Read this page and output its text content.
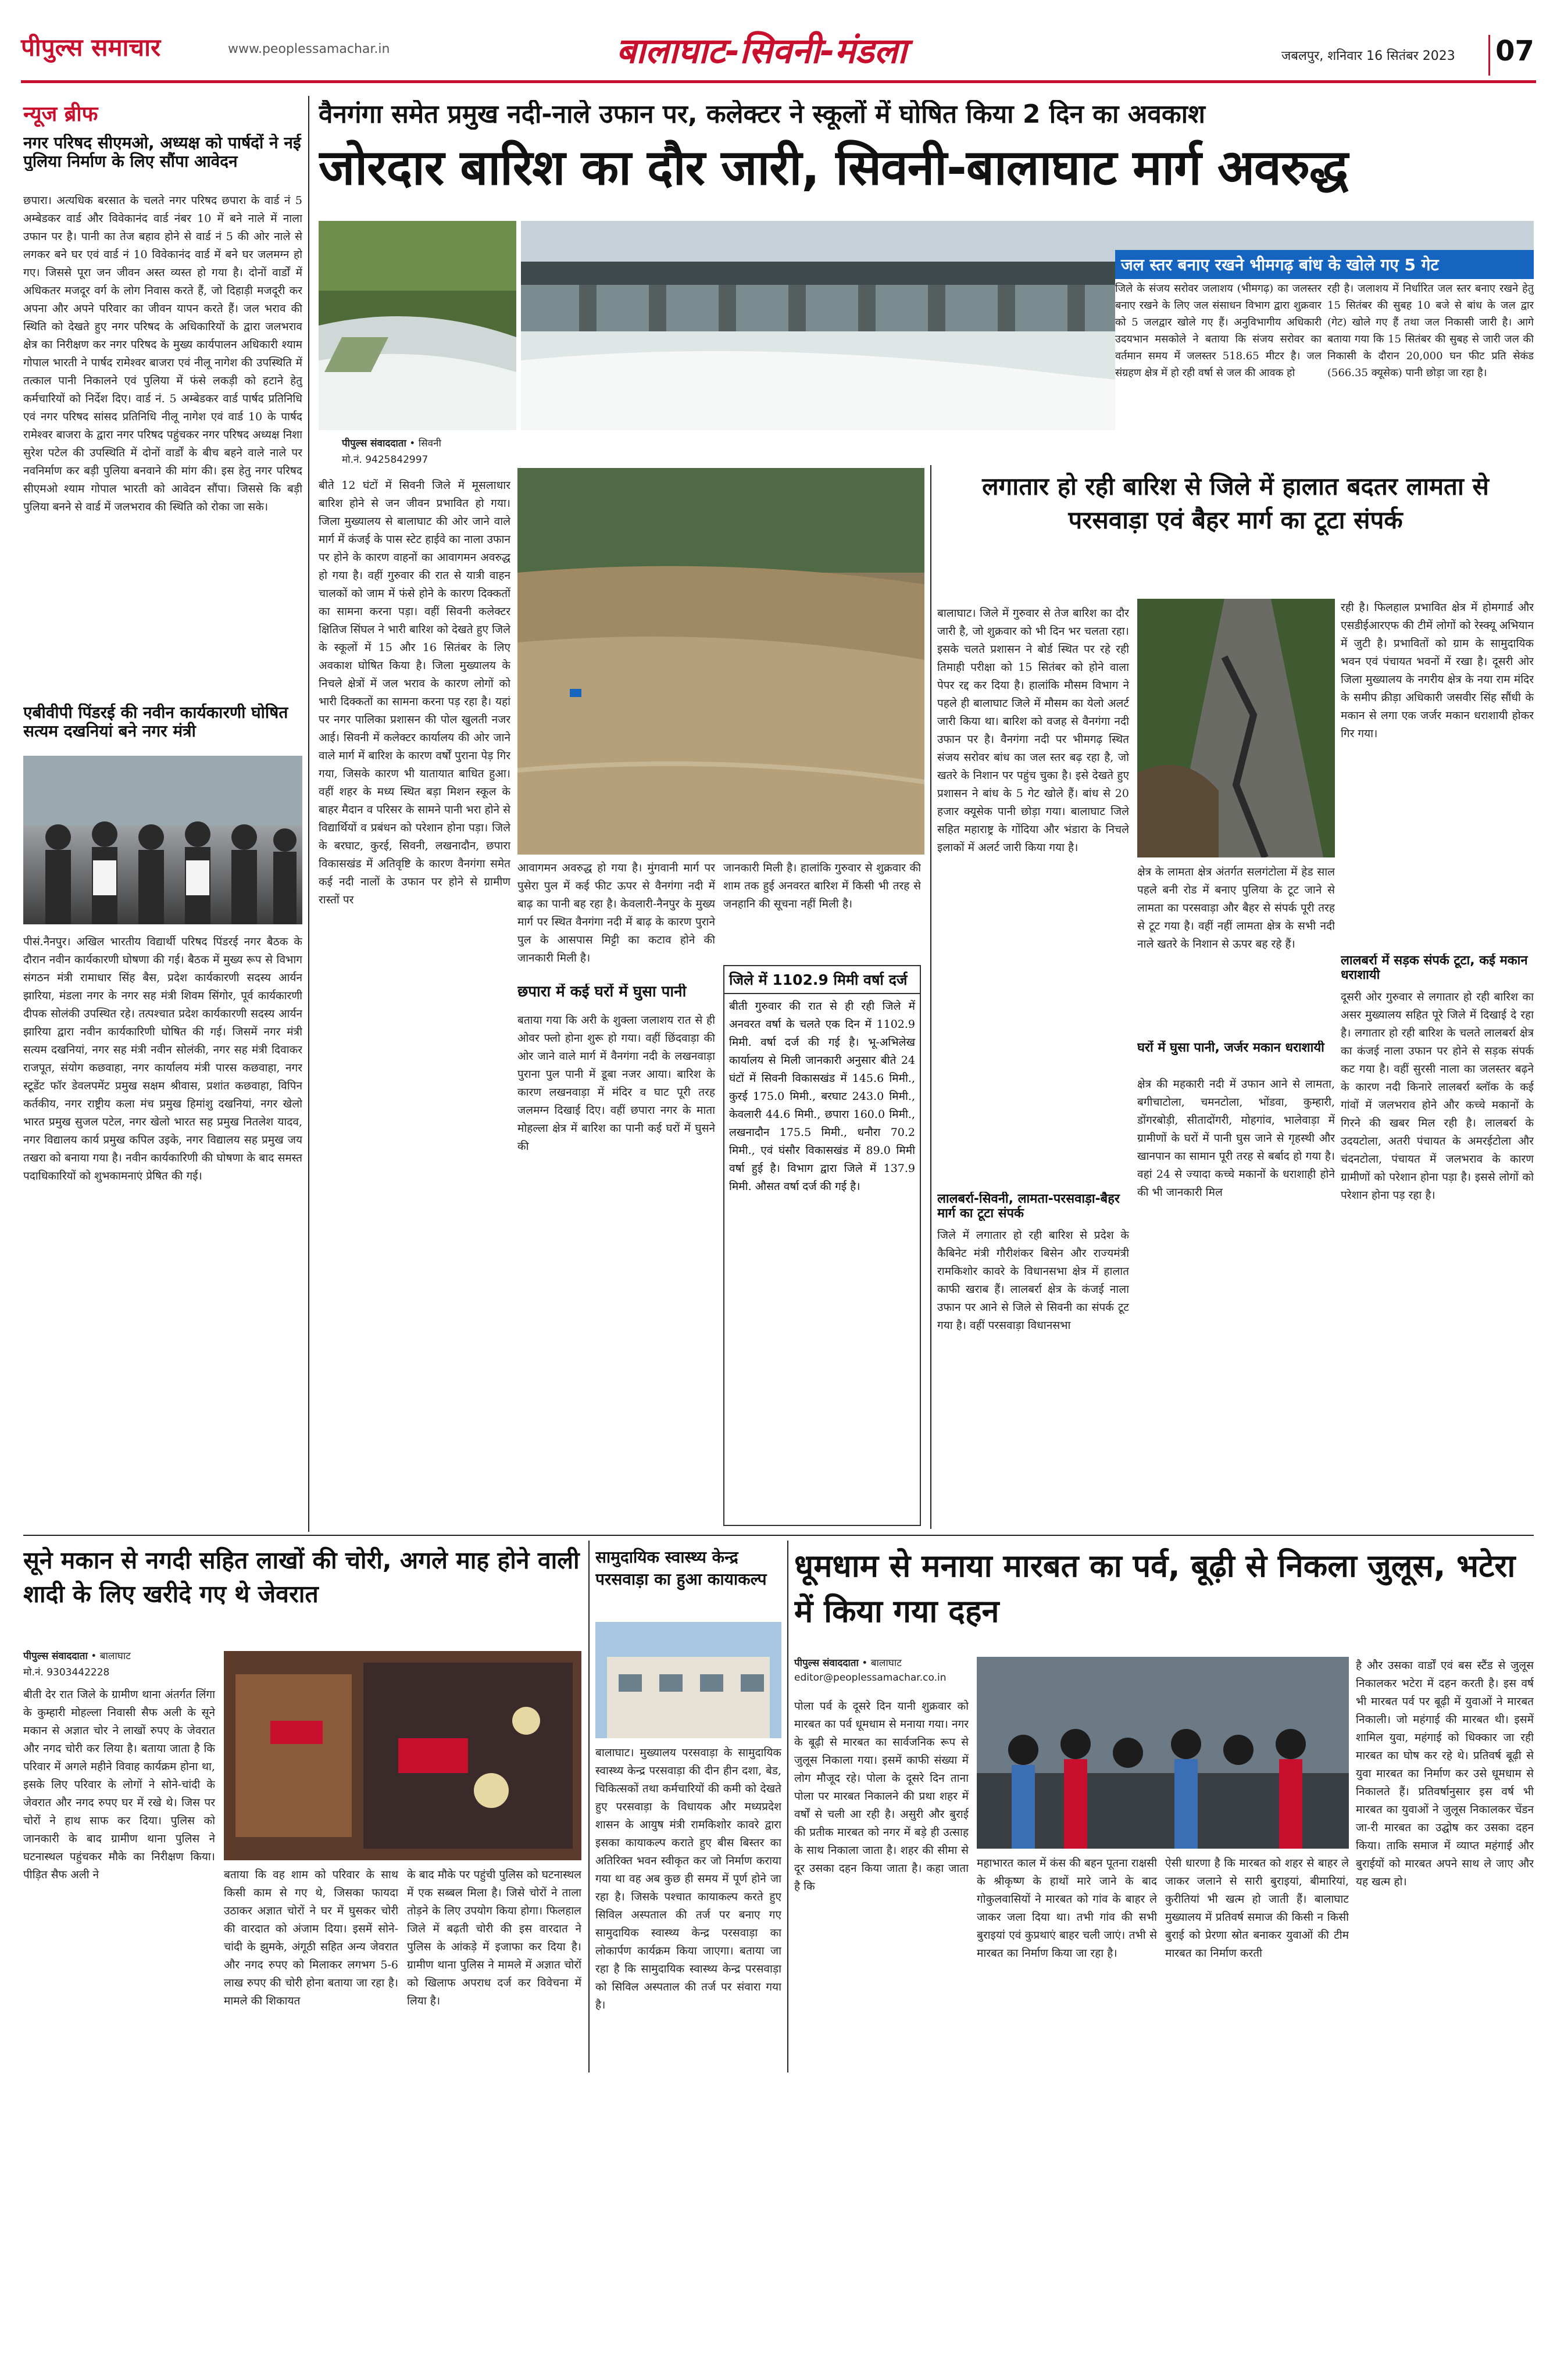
पीपुल्स समाचार	www.peoplessamachar.in	बालाघाट-सिवनी-मंडला	जबलपुर, शनिवार 16 सितंबर 2023 07
न्यूज ब्रीफ
नगर परिषद सीएमओ, अध्यक्ष को पार्षदों ने नई पुलिया निर्माण के लिए सौंपा आवेदन
छपारा। अत्यधिक बरसात के चलते नगर परिषद छपारा के वार्ड नं 5 अम्बेडकर वार्ड और विवेकानंद वार्ड नंबर 10 में बने नाले में नाला उफान पर है। पानी का तेज बहाव होने से वार्ड नं 5 की ओर नाले से लगकर बने घर एवं वार्ड नं 10 विवेकानंद वार्ड में बने घर जलमग्न हो गए। जिससे पूरा जन जीवन अस्त व्यस्त हो गया है। दोनों वार्डों में अधिकतर मजदूर वर्ग के लोग निवास करते हैं, जो दिहाड़ी मजदूरी कर अपना और अपने परिवार का जीवन यापन करते हैं। जल भराव की स्थिति को देखते हुए नगर परिषद के अधिकारियों के द्वारा जलभराव क्षेत्र का निरीक्षण कर नगर परिषद के मुख्य कार्यपालन अधिकारी श्याम गोपाल भारती ने पार्षद रामेश्वर बाजरा एवं नीलू नागेश की उपस्थिति में तत्काल पानी निकालने एवं पुलिया में फंसे लकड़ी को हटाने हेतु कर्मचारियों को निर्देश दिए। वार्ड नं. 5 अम्बेडकर वार्ड पार्षद प्रतिनिधि एवं नगर परिषद सांसद प्रतिनिधि नीलू नागेश एवं वार्ड 10 के पार्षद रामेश्वर बाजरा के द्वारा नगर परिषद पहुंचकर नगर परिषद अध्यक्ष निशा सुरेश पटेल की उपस्थिति में दोनों वार्डों के बीच बहने वाले नाले पर नवनिर्माण कर बड़ी पुलिया बनवाने की मांग की। इस हेतु नगर परिषद सीएमओ श्याम गोपाल भारती को आवेदन सौंपा। जिससे कि बड़ी पुलिया बनने से वार्ड में जलभराव की स्थिति को रोका जा सके।
एबीवीपी पिंडरई की नवीन कार्यकारणी घोषित सत्यम दखनियां बने नगर मंत्री
पीसं.नैनपुर। अखिल भारतीय विद्यार्थी परिषद पिंडरई नगर बैठक के दौरान नवीन कार्यकारणी घोषणा की गई। बैठक में मुख्य रूप से विभाग संगठन मंत्री रामाधार सिंह बैस, प्रदेश कार्यकारणी सदस्य आर्यन झारिया, मंडला नगर के नगर सह मंत्री शिवम सिंगोर, पूर्व कार्यकारणी दीपक सोलंकी उपस्थित रहे। तत्पश्चात प्रदेश कार्यकारणी सदस्य आर्यन झारिया द्वारा नवीन कार्यकारिणी घोषित की गई। जिसमें नगर मंत्री सत्यम दखनियां, नगर सह मंत्री नवीन सोलंकी, नगर सह मंत्री दिवाकर राजपूत, संयोग कछवाहा, नगर कार्यालय मंत्री पारस कछवाहा, नगर स्टूडेंट फॉर डेवलपमेंट प्रमुख सक्षम श्रीवास, प्रशांत कछवाहा, विपिन कर्तकीय, नगर राष्ट्रीय कला मंच प्रमुख हिमांशु दखनियां, नगर खेलो भारत प्रमुख सुजल पटेल, नगर खेलो भारत सह प्रमुख नितलेश यादव, नगर विद्यालय कार्य प्रमुख कपिल उइके, नगर विद्यालय सह प्रमुख जय तखरा को बनाया गया है। नवीन कार्यकारिणी की घोषणा के बाद समस्त पदाधिकारियों को शुभकामनाएं प्रेषित की गई।
वैनगंगा समेत प्रमुख नदी-नाले उफान पर, कलेक्टर ने स्कूलों में घोषित किया 2 दिन का अवकाश
जोरदार बारिश का दौर जारी, सिवनी-बालाघाट मार्ग अवरुद्ध
जल स्तर बनाए रखने भीमगढ़ बांध के खोले गए 5 गेट
जिले के संजय सरोवर जलाशय (भीमगढ़) का जलस्तर बनाए रखने के लिए जल संसाधन विभाग द्वारा शुक्रवार को 5 जलद्वार खोले गए हैं। अनुविभागीय अधिकारी उदयभान मसकोले ने बताया कि संजय सरोवर का वर्तमान समय में जलस्तर 518.65 मीटर है। जल संग्रहण क्षेत्र में हो रही वर्षा से जल की आवक हो
रही है। जलाशय में निर्धारित जल स्तर बनाए रखने हेतु 15 सितंबर की सुबह 10 बजे से बांध के जल द्वार (गेट) खोले गए हैं तथा जल निकासी जारी है। आगे बताया गया कि 15 सितंबर की सुबह से जारी जल की निकासी के दौरान 20,000 घन फीट प्रति सेकंड (566.35 क्यूसेक) पानी छोड़ा जा रहा है।
पीपुल्स संवाददाता • सिवनी
मो.नं. 9425842997
बीते 12 घंटों में सिवनी जिले में मूसलाधार बारिश होने से जन जीवन प्रभावित हो गया। जिला मुख्यालय से बालाघाट की ओर जाने वाले मार्ग में कंजई के पास स्टेट हाईवे का नाला उफान पर होने के कारण वाहनों का आवागमन अवरुद्ध हो गया है। वहीं गुरुवार की रात से यात्री वाहन चालकों को जाम में फंसे होने के कारण दिक्कतों का सामना करना पड़ा। वहीं सिवनी कलेक्टर क्षितिज सिंघल ने भारी बारिश को देखते हुए जिले के स्कूलों में 15 और 16 सितंबर के लिए अवकाश घोषित किया है। जिला मुख्यालय के निचले क्षेत्रों में जल भराव के कारण लोगों को भारी दिक्कतों का सामना करना पड़ रहा है। यहां पर नगर पालिका प्रशासन की पोल खुलती नजर आई। सिवनी में कलेक्टर कार्यालय की ओर जाने वाले मार्ग में बारिश के कारण वर्षों पुराना पेड़ गिर गया, जिसके कारण भी यातायात बाधित हुआ। वहीं शहर के मध्य स्थित बड़ा मिशन स्कूल के बाहर मैदान व परिसर के सामने पानी भरा होने से विद्यार्थियों व प्रबंधन को परेशान होना पड़ा। जिले के बरघाट, कुरई, सिवनी, लखनादौन, छपारा विकासखंड में अतिवृष्टि के कारण वैनगंगा समेत कई नदी नालों के उफान पर होने से ग्रामीण रास्तों पर
आवागमन अवरुद्ध हो गया है। मुंगवानी मार्ग पर पुसेरा पुल में कई फीट ऊपर से वैनगंगा नदी में बाढ़ का पानी बह रहा है। केवलारी-नैनपुर के मुख्य मार्ग पर स्थित वैनगंगा नदी में बाढ़ के कारण पुराने पुल के आसपास मिट्टी का कटाव होने की जानकारी मिली है।
छपारा में कई घरों में घुसा पानी
बताया गया कि अरी के शुक्ला जलाशय रात से ही ओवर फ्लो होना शुरू हो गया। वहीं छिंदवाड़ा की ओर जाने वाले मार्ग में वैनगंगा नदी के लखनवाड़ा पुराना पुल पानी में डूबा नजर आया। बारिश के कारण लखनवाड़ा में मंदिर व घाट पूरी तरह जलमग्न दिखाई दिए। वहीं छपारा नगर के माता मोहल्ला क्षेत्र में बारिश का पानी कई घरों में घुसने की
जानकारी मिली है। हालांकि गुरुवार से शुक्रवार की शाम तक हुई अनवरत बारिश में किसी भी तरह से जनहानि की सूचना नहीं मिली है।
जिले में 1102.9 मिमी वर्षा दर्ज
बीती गुरुवार की रात से ही रही जिले में अनवरत वर्षा के चलते एक दिन में 1102.9 मिमी. वर्षा दर्ज की गई है। भू-अभिलेख कार्यालय से मिली जानकारी अनुसार बीते 24 घंटों में सिवनी विकासखंड में 145.6 मिमी., कुरई 175.0 मिमी., बरघाट 243.0 मिमी., केवलारी 44.6 मिमी., छपारा 160.0 मिमी., लखनादौन 175.5 मिमी., धनौरा 70.2 मिमी., एवं घंसौर विकासखंड में 89.0 मिमी वर्षा हुई है। विभाग द्वारा जिले में 137.9 मिमी. औसत वर्षा दर्ज की गई है।
लगातार हो रही बारिश से जिले में हालात बदतर लामता से परसवाड़ा एवं बैहर मार्ग का टूटा संपर्क
बालाघाट। जिले में गुरुवार से तेज बारिश का दौर जारी है, जो शुक्रवार को भी दिन भर चलता रहा। इसके चलते प्रशासन ने बोर्ड स्थित पर रहे रही तिमाही परीक्षा को 15 सितंबर को होने वाला पेपर रद्द कर दिया है। हालांकि मौसम विभाग ने पहले ही बालाघाट जिले में मौसम का येलो अलर्ट जारी किया था। बारिश को वजह से वैनगंगा नदी उफान पर है। वैनगंगा नदी पर भीमगढ़ स्थित संजय सरोवर बांध का जल स्तर बढ़ रहा है, जो खतरे के निशान पर पहुंच चुका है। इसे देखते हुए प्रशासन ने बांध के 5 गेट खोले हैं। बांध से 20 हजार क्यूसेक पानी छोड़ा गया। बालाघाट जिले सहित महाराष्ट्र के गोंदिया और भंडारा के निचले इलाकों में अलर्ट जारी किया गया है।
लालबर्रा-सिवनी, लामता-परसवाड़ा-बैहर मार्ग का टूटा संपर्क
जिले में लगातार हो रही बारिश से प्रदेश के कैबिनेट मंत्री गौरीशंकर बिसेन और राज्यमंत्री रामकिशोर कावरे के विधानसभा क्षेत्र में हालात काफी खराब हैं। लालबर्रा क्षेत्र के कंजई नाला उफान पर आने से जिले से सिवनी का संपर्क टूट गया है। वहीं परसवाड़ा विधानसभा
क्षेत्र के लामता क्षेत्र अंतर्गत सलगंटोला में हेड साल पहले बनी रोड में बनाए पुलिया के टूट जाने से लामता का परसवाड़ा और बैहर से संपर्क पूरी तरह से टूट गया है। वहीं नहीं लामता क्षेत्र के सभी नदी नाले खतरे के निशान से ऊपर बह रहे हैं।
घरों में घुसा पानी, जर्जर मकान धराशायी
क्षेत्र की महकारी नदी में उफान आने से लामता, बगीचाटोला, चमनटोला, भोंडवा, कुम्हारी, डोंगरबोड़ी, सीतादोंगरी, मोहगांव, भालेवाड़ा में ग्रामीणों के घरों में पानी घुस जाने से गृहस्थी और खानपान का सामान पूरी तरह से बर्बाद हो गया है। वहां 24 से ज्यादा कच्चे मकानों के धराशाही होने की भी जानकारी मिल
रही है। फिलहाल प्रभावित क्षेत्र में होमगार्ड और एसडीईआरएफ की टीमें लोगों को रेस्क्यू अभियान में जुटी है। प्रभावितों को ग्राम के सामुदायिक भवन एवं पंचायत भवनों में रखा है। दूसरी ओर जिला मुख्यालय के नगरीय क्षेत्र के नया राम मंदिर के समीप क्रीड़ा अधिकारी जसवीर सिंह सौंधी के मकान से लगा एक जर्जर मकान धराशायी होकर गिर गया।
लालबर्रा में सड़क संपर्क टूटा, कई मकान धराशायी
दूसरी ओर गुरुवार से लगातार हो रही बारिश का असर मुख्यालय सहित पूरे जिले में दिखाई दे रहा है। लगातार हो रही बारिश के चलते लालबर्रा क्षेत्र का कंजई नाला उफान पर होने से सड़क संपर्क कट गया है। वहीं सुरसी नाला का जलस्तर बढ़ने के कारण नदी किनारे लालबर्रा ब्लॉक के कई गांवों में जलभराव होने और कच्चे मकानों के गिरने की खबर मिल रही है। लालबर्रा के उदयटोला, अतरी पंचायत के अमरईटोला और चंदनटोला, पंचायत में जलभराव के कारण ग्रामीणों को परेशान होना पड़ा है। इससे लोगों को परेशान होना पड़ रहा है।
सूने मकान से नगदी सहित लाखों की चोरी, अगले माह होने वाली शादी के लिए खरीदे गए थे जेवरात
पीपुल्स संवाददाता • बालाघाट
मो.नं. 9303442228
बीती देर रात जिले के ग्रामीण थाना अंतर्गत लिंगा के कुम्हारी मोहल्ला निवासी सैफ अली के सूने मकान से अज्ञात चोर ने लाखों रुपए के जेवरात और नगद चोरी कर लिया है। बताया जाता है कि परिवार में अगले महीने विवाह कार्यक्रम होना था, इसके लिए परिवार के लोगों ने सोने-चांदी के जेवरात और नगद रुपए घर में रखे थे। जिस पर चोरों ने हाथ साफ कर दिया। पुलिस को जानकारी के बाद ग्रामीण थाना पुलिस ने घटनास्थल पहुंचकर मौके का निरीक्षण किया। पीड़ित सैफ अली ने	बताया कि वह शाम को परिवार के साथ किसी काम से गए थे, जिसका फायदा उठाकर अज्ञात चोरों ने घर में घुसकर चोरी की वारदात को अंजाम दिया। इसमें सोने-चांदी के झुमके, अंगूठी सहित अन्य जेवरात और नगद रुपए को मिलाकर लगभग 5-6 लाख रुपए की चोरी होना बताया जा रहा है। मामले की शिकायत
के बाद मौके पर पहुंची पुलिस को घटनास्थल में एक सब्बल मिला है। जिसे चोरों ने ताला तोड़ने के लिए उपयोग किया होगा। फिलहाल जिले में बढ़ती चोरी की इस वारदात ने पुलिस के आंकड़े में इजाफा कर दिया है। ग्रामीण थाना पुलिस ने मामले में अज्ञात चोरों को खिलाफ अपराध दर्ज कर विवेचना में लिया है।
सामुदायिक स्वास्थ्य केन्द्र परसवाड़ा का हुआ कायाकल्प
बालाघाट। मुख्यालय परसवाड़ा के सामुदायिक स्वास्थ्य केन्द्र परसवाड़ा की दीन हीन दशा, बेड, चिकित्सकों तथा कर्मचारियों की कमी को देखते हुए परसवाड़ा के विधायक और मध्यप्रदेश शासन के आयुष मंत्री रामकिशोर कावरे द्वारा इसका कायाकल्प कराते हुए बीस बिस्तर का अतिरिक्त भवन स्वीकृत कर जो निर्माण कराया गया था वह अब कुछ ही समय में पूर्ण होने जा रहा है। जिसके पश्चात कायाकल्प करते हुए सिविल अस्पताल की तर्ज पर बनाए गए सामुदायिक स्वास्थ्य केन्द्र परसवाड़ा का लोकार्पण कार्यक्रम किया जाएगा। बताया जा रहा है कि सामुदायिक स्वास्थ्य केन्द्र परसवाड़ा को सिविल अस्पताल की तर्ज पर संवारा गया है।
धूमधाम से मनाया मारबत का पर्व, बूढ़ी से निकला जुलूस, भटेरा में किया गया दहन
पीपुल्स संवाददाता • बालाघाट
editor@peoplessamachar.co.in
पोला पर्व के दूसरे दिन यानी शुक्रवार को मारबत का पर्व धूमधाम से मनाया गया। नगर के बूढ़ी से मारबत का सार्वजनिक रूप से जुलूस निकाला गया। इसमें काफी संख्या में लोग मौजूद रहे। पोला के दूसरे दिन ताना पोला पर मारबत निकालने की प्रथा शहर में वर्षों से चली आ रही है। असुरी और बुराई की प्रतीक मारबत को नगर में बड़े ही उत्साह के साथ निकाला जाता है। शहर की सीमा से दूर उसका दहन किया जाता है। कहा जाता है कि
महाभारत काल में कंस की बहन पूतना राक्षसी के श्रीकृष्ण के हाथों मारे जाने के बाद गोकुलवासियों ने मारबत को गांव के बाहर ले जाकर जला दिया था। तभी गांव की सभी बुराइयां एवं कुप्रथाएं बाहर चली जाएं। तभी से मारबत का निर्माण किया जा रहा है।
ऐसी धारणा है कि मारबत को शहर से बाहर ले जाकर जलाने से सारी बुराइयां, बीमारियां, कुरीतियां भी खत्म हो जाती हैं। बालाघाट मुख्यालय में प्रतिवर्ष समाज की किसी न किसी बुराई को प्रेरणा स्रोत बनाकर युवाओं की टीम मारबत का निर्माण करती
है और उसका वार्डों एवं बस स्टैंड से जुलूस निकालकर भटेरा में दहन करती है। इस वर्ष भी मारबत पर्व पर बूढ़ी में युवाओं ने मारबत निकाली। जो महंगाई की मारबत थी। इसमें शामिल युवा, महंगाई को धिक्कार जा रही मारबत का घोष कर रहे थे। प्रतिवर्ष बूढ़ी से युवा मारबत का निर्माण कर उसे धूमधाम से निकालते हैं। प्रतिवर्षानुसार इस वर्ष भी मारबत का युवाओं ने जुलूस निकालकर चेंडन जा-री मारबत का उद्घोष कर उसका दहन किया। ताकि समाज में व्याप्त महंगाई और बुराईयों को मारबत अपने साथ ले जाए और यह खत्म हो।
